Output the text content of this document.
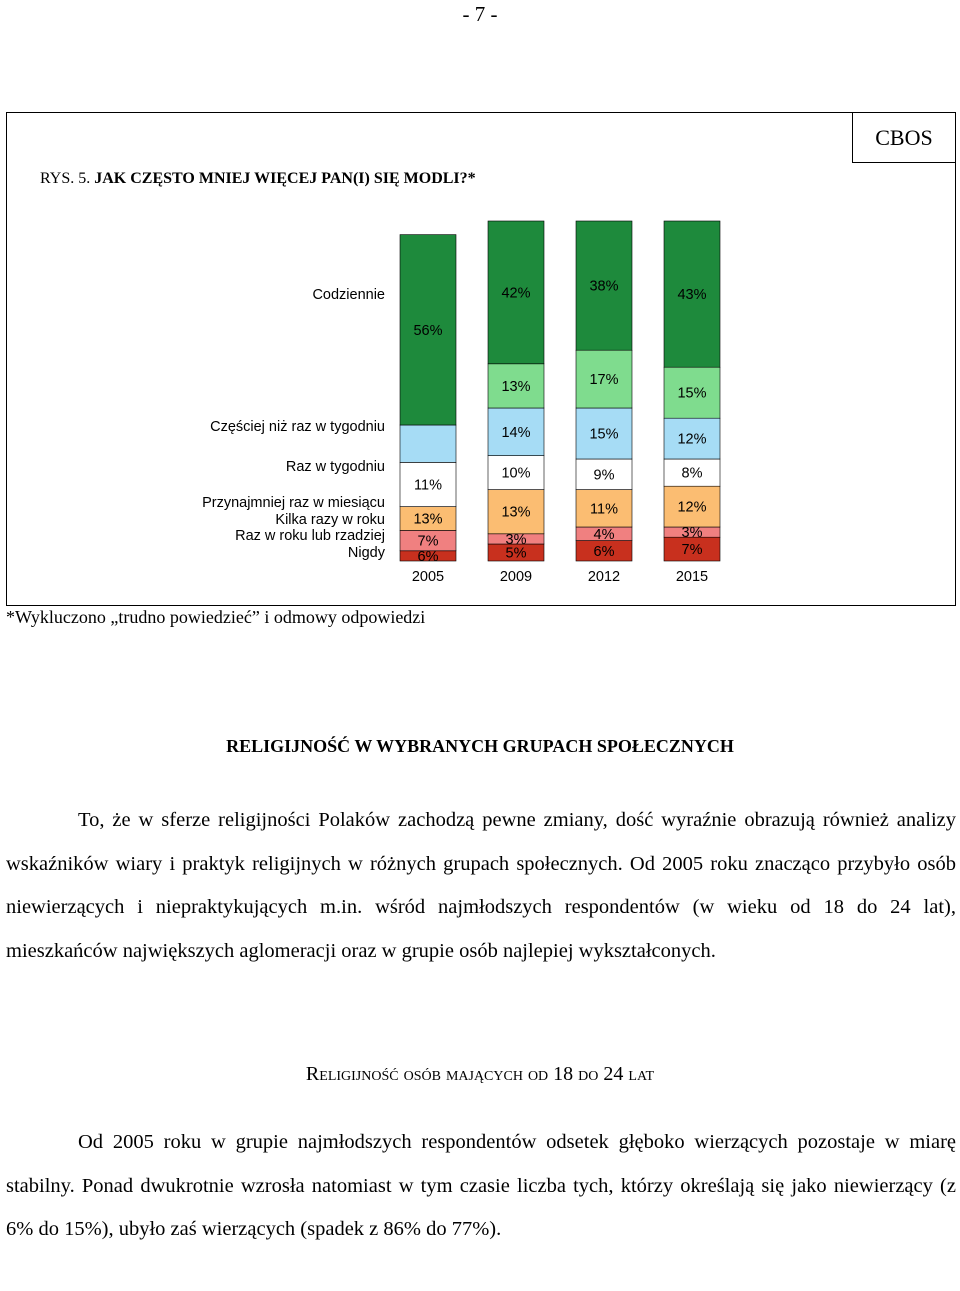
- 7 -
CBOS
RYS. 5. JAK CZĘSTO MNIEJ WIĘCEJ PAN(I) SIĘ MODLI?*
56%
11%
13%
7%
6%
2005
42%
13%
14%
10%
13%
3%
5%
2009
38%
17%
15%
9%
11%
4%
6%
2012
43%
15%
12%
8%
12%
3%
7%
2015
Codziennie
Częściej niż raz w tygodniu
Raz w tygodniu
Przynajmniej raz w miesiącu
Kilka razy w roku
Raz w roku lub rzadziej
Nigdy
*Wykluczono „trudno powiedzieć” i odmowy odpowiedzi
RELIGIJNOŚĆ W WYBRANYCH GRUPACH SPOŁECZNYCH
To, że w sferze religijności Polaków zachodzą pewne zmiany, dość wyraźnie obrazują również analizy wskaźników wiary i praktyk religijnych w różnych grupach społecznych. Od 2005 roku znacząco przybyło osób niewierzących i niepraktykujących m.in. wśród najmłodszych respondentów (w wieku od 18 do 24 lat), mieszkańców największych aglomeracji oraz w grupie osób najlepiej wykształconych.
Religijność osób mających od 18 do 24 lat
Od 2005 roku w grupie najmłodszych respondentów odsetek głęboko wierzących pozostaje w miarę stabilny. Ponad dwukrotnie wzrosła natomiast w tym czasie liczba tych, którzy określają się jako niewierzący (z 6% do 15%), ubyło zaś wierzących (spadek z 86% do 77%).
